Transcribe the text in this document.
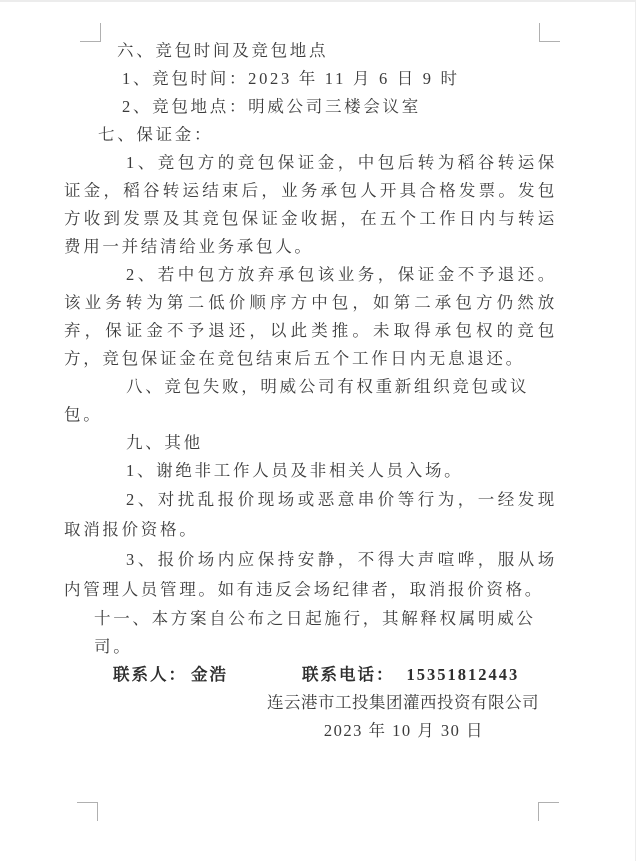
六、竞包时间及竞包地点

1、竞包时间：2023 年 11 月 6 日 9 时

2、竞包地点：明威公司三楼会议室

七、保证金：

1、竞包方的竞包保证金，中包后转为稻谷转运保证金，稻谷转运结束后，业务承包人开具合格发票。发包方收到发票及其竞包保证金收据，在五个工作日内与转运费用一并结清给业务承包人。

2、若中包方放弃承包该业务，保证金不予退还。该业务转为第二低价顺序方中包，如第二承包方仍然放弃，保证金不予退还，以此类推。未取得承包权的竞包方，竞包保证金在竞包结束后五个工作日内无息退还。

八、竞包失败，明威公司有权重新组织竞包或议包。

九、其他

1、谢绝非工作人员及非相关人员入场。

2、对扰乱报价现场或恶意串价等行为，一经发现取消报价资格。

3、报价场内应保持安静，不得大声喧哗，服从场内管理人员管理。如有违反会场纪律者，取消报价资格。

十一、本方案自公布之日起施行，其解释权属明威公司。

联系人： 金浩	联系电话： 15351812443

连云港市工投集团灌西投资有限公司

2023 年 10 月 30 日
